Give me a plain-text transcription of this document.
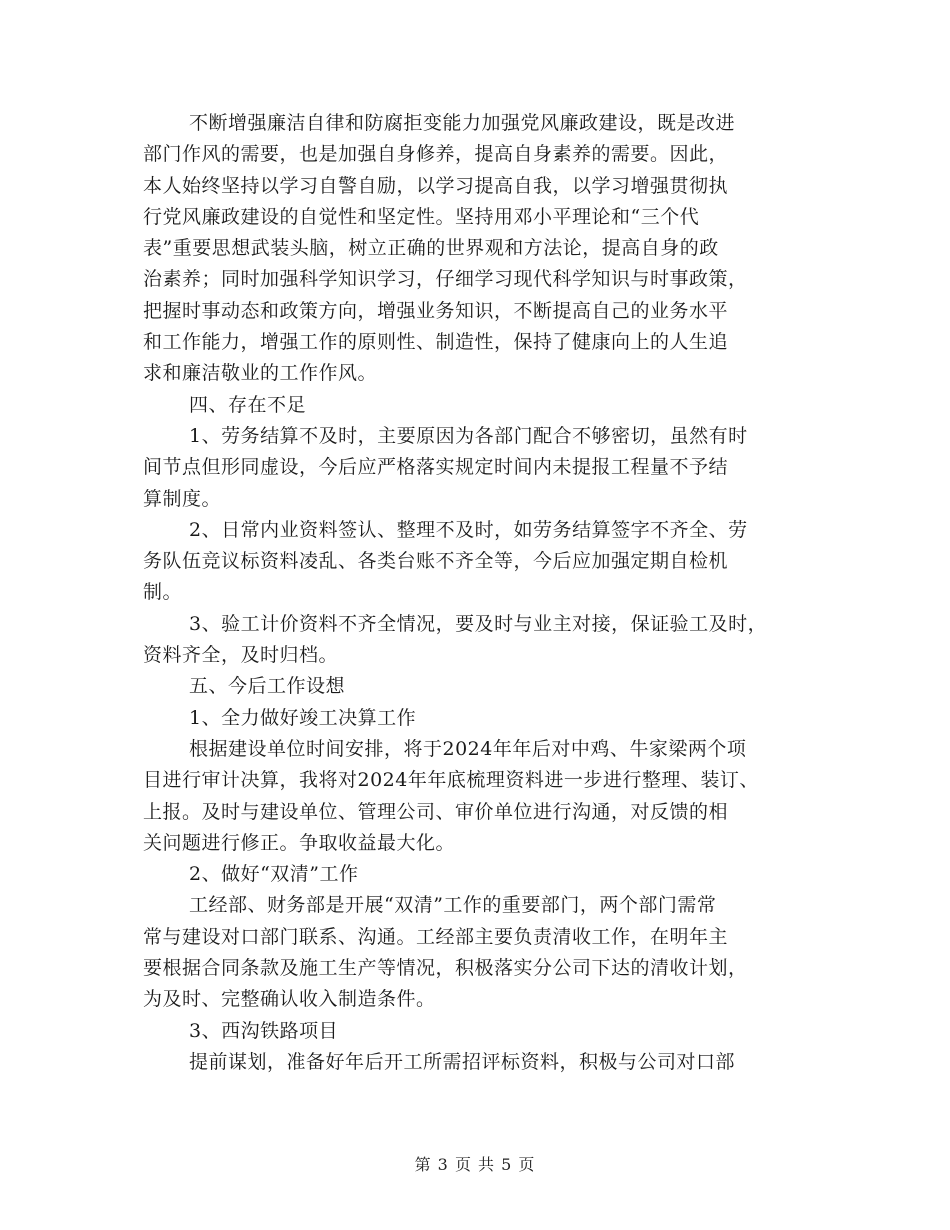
不断增强廉洁自律和防腐拒变能力加强党风廉政建设，既是改进
部门作风的需要，也是加强自身修养，提高自身素养的需要。因此，
本人始终坚持以学习自警自励，以学习提高自我，以学习增强贯彻执
行党风廉政建设的自觉性和坚定性。坚持用邓小平理论和“三个代
表”重要思想武装头脑，树立正确的世界观和方法论，提高自身的政
治素养；同时加强科学知识学习，仔细学习现代科学知识与时事政策，
把握时事动态和政策方向，增强业务知识，不断提高自己的业务水平
和工作能力，增强工作的原则性、制造性，保持了健康向上的人生追
求和廉洁敬业的工作作风。
四、存在不足
1、劳务结算不及时，主要原因为各部门配合不够密切，虽然有时
间节点但形同虚设，今后应严格落实规定时间内未提报工程量不予结
算制度。
2、日常内业资料签认、整理不及时，如劳务结算签字不齐全、劳
务队伍竞议标资料凌乱、各类台账不齐全等，今后应加强定期自检机
制。
3、验工计价资料不齐全情况，要及时与业主对接，保证验工及时，
资料齐全，及时归档。
五、今后工作设想
1、全力做好竣工决算工作
根据建设单位时间安排，将于2024年年后对中鸡、牛家梁两个项
目进行审计决算，我将对2024年年底梳理资料进一步进行整理、装订、
上报。及时与建设单位、管理公司、审价单位进行沟通，对反馈的相
关问题进行修正。争取收益最大化。
2、做好“双清”工作
工经部、财务部是开展“双清”工作的重要部门，两个部门需常
常与建设对口部门联系、沟通。工经部主要负责清收工作，在明年主
要根据合同条款及施工生产等情况，积极落实分公司下达的清收计划，
为及时、完整确认收入制造条件。
3、西沟铁路项目
提前谋划，准备好年后开工所需招评标资料，积极与公司对口部
第 3 页 共 5 页
